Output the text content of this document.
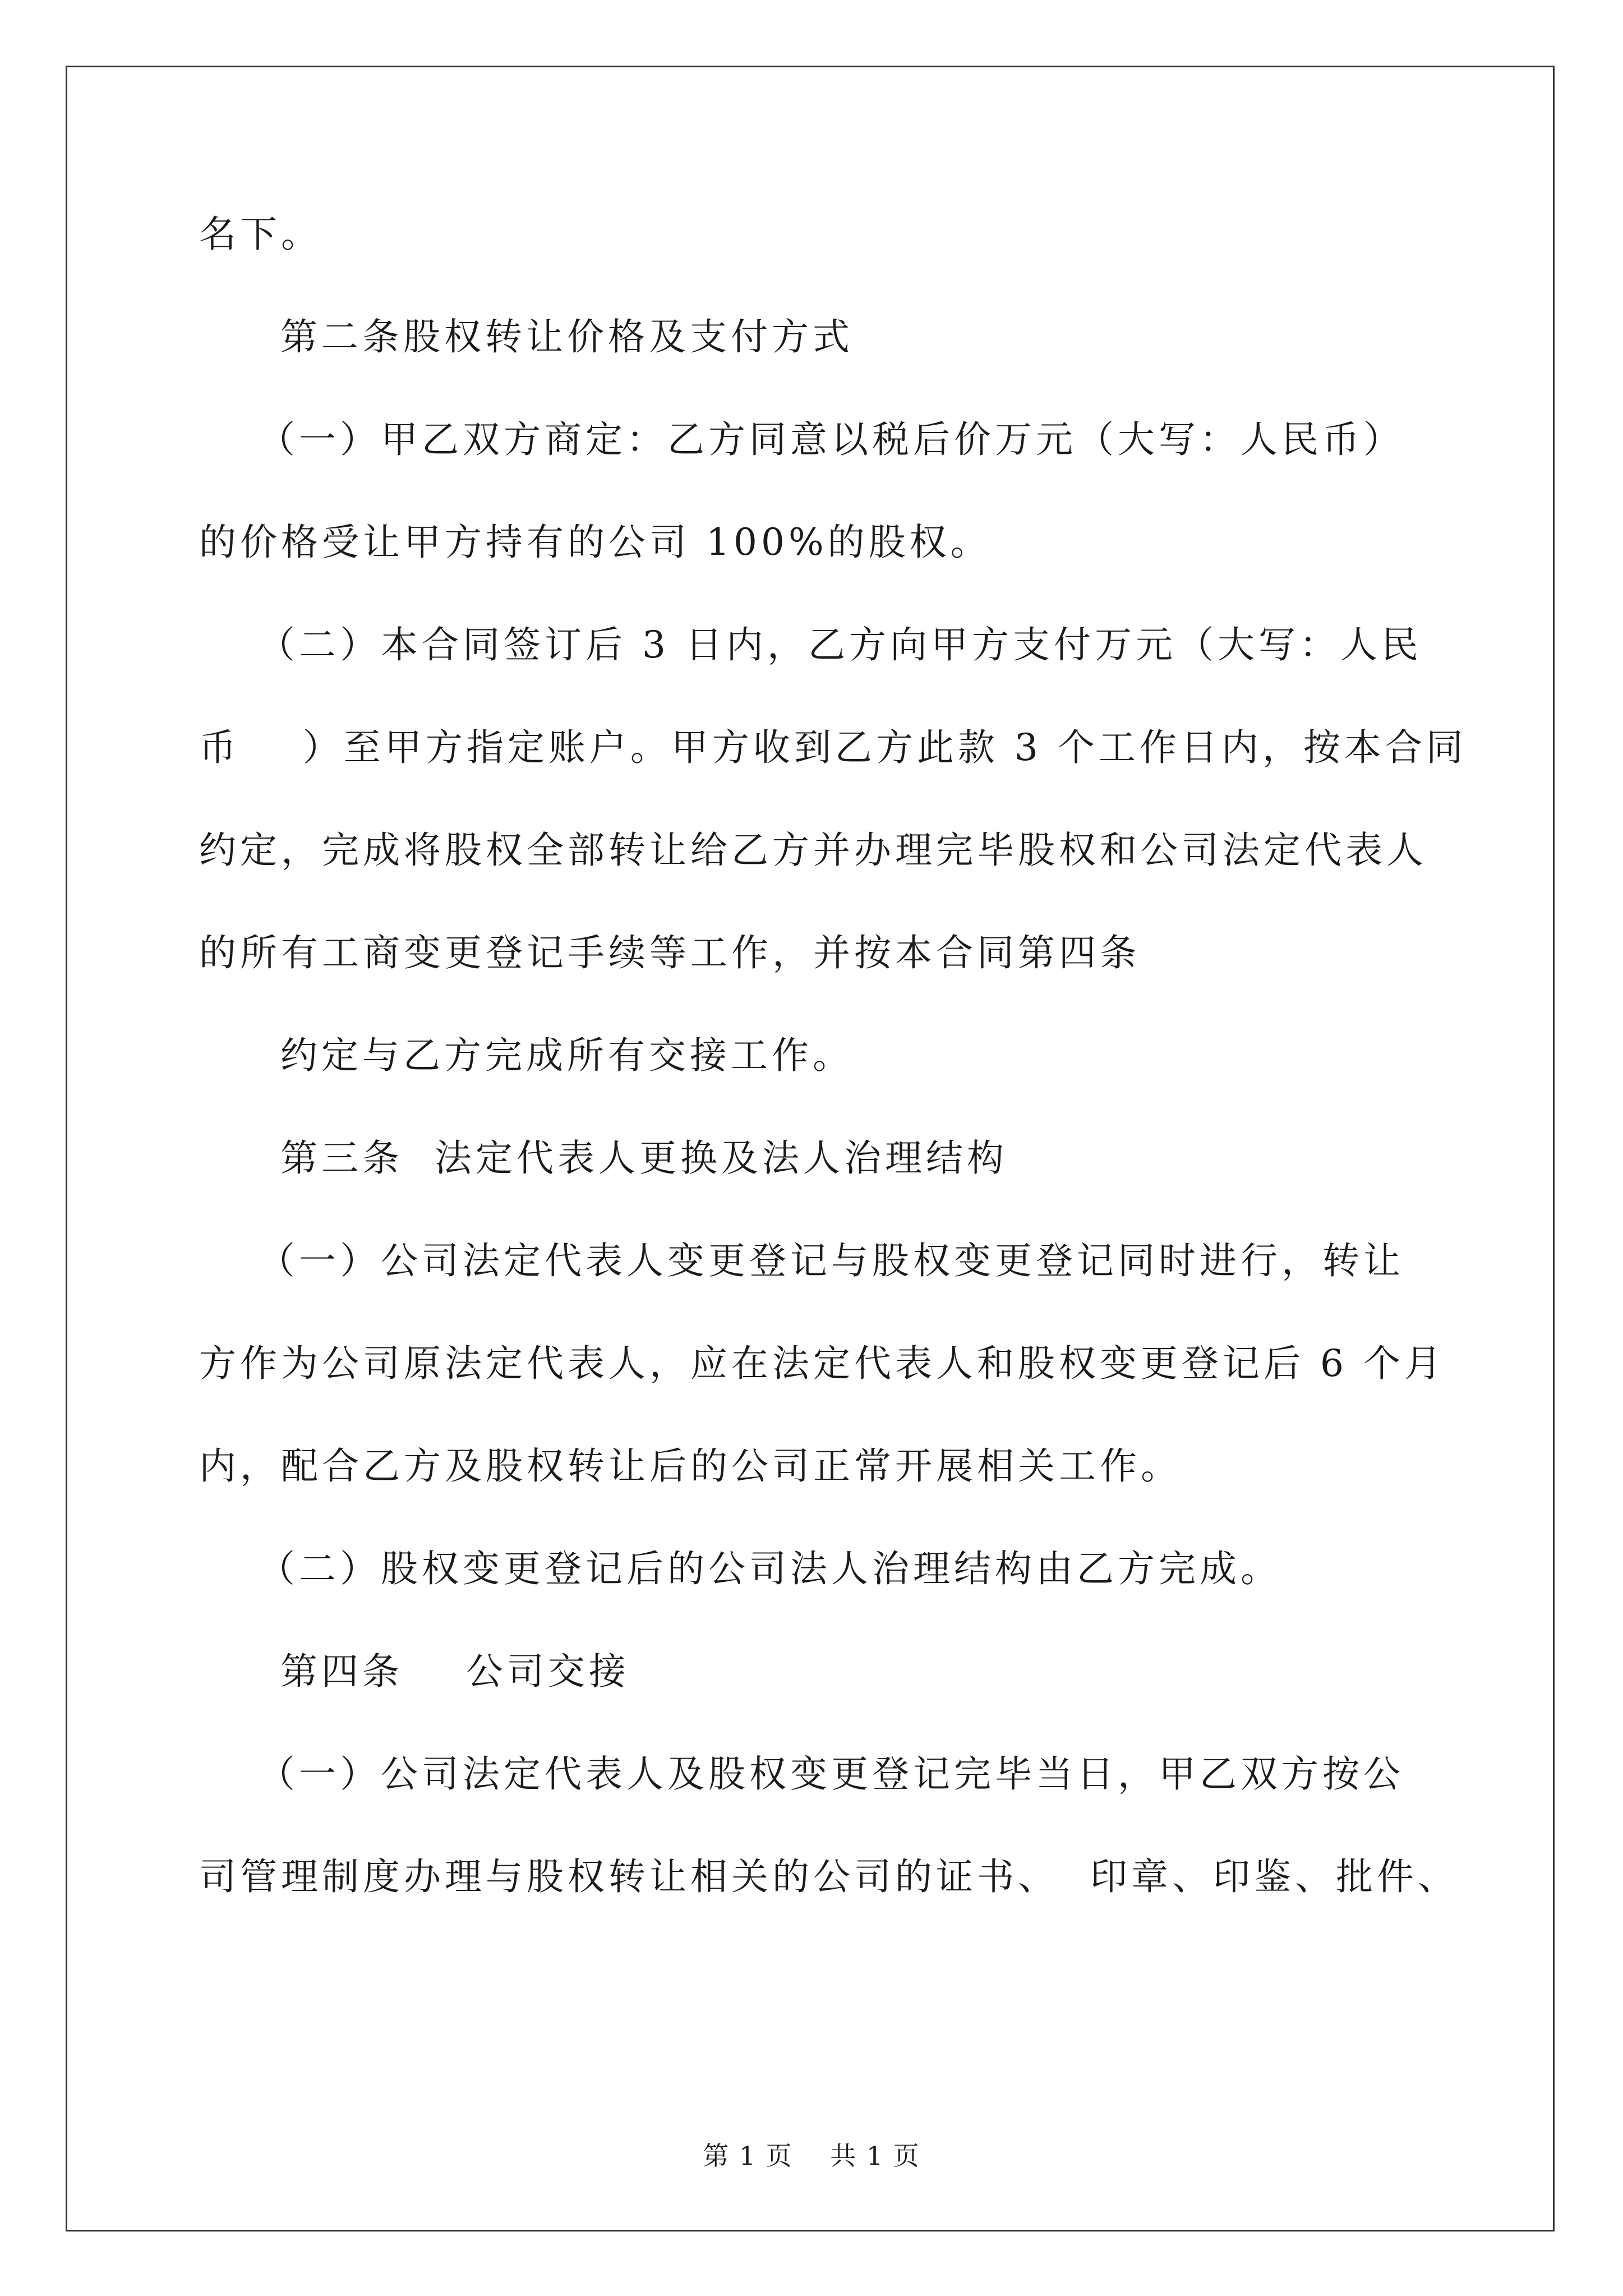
名下。

第二条股权转让价格及支付方式

（一）甲乙双方商定：乙方同意以税后价万元（大写：人民币）

的价格受让甲方持有的公司 100%的股权。

（二）本合同签订后 3 日内，乙方向甲方支付万元（大写：人民

币    ）至甲方指定账户。甲方收到乙方此款 3 个工作日内，按本合同

约定，完成将股权全部转让给乙方并办理完毕股权和公司法定代表人

的所有工商变更登记手续等工作，并按本合同第四条

约定与乙方完成所有交接工作。

第三条  法定代表人更换及法人治理结构

（一）公司法定代表人变更登记与股权变更登记同时进行，转让

方作为公司原法定代表人，应在法定代表人和股权变更登记后 6 个月

内，配合乙方及股权转让后的公司正常开展相关工作。

（二）股权变更登记后的公司法人治理结构由乙方完成。

第四条    公司交接

（一）公司法定代表人及股权变更登记完毕当日，甲乙双方按公

司管理制度办理与股权转让相关的公司的证书、  印章、印鉴、批件、

第 1 页    共 1 页
